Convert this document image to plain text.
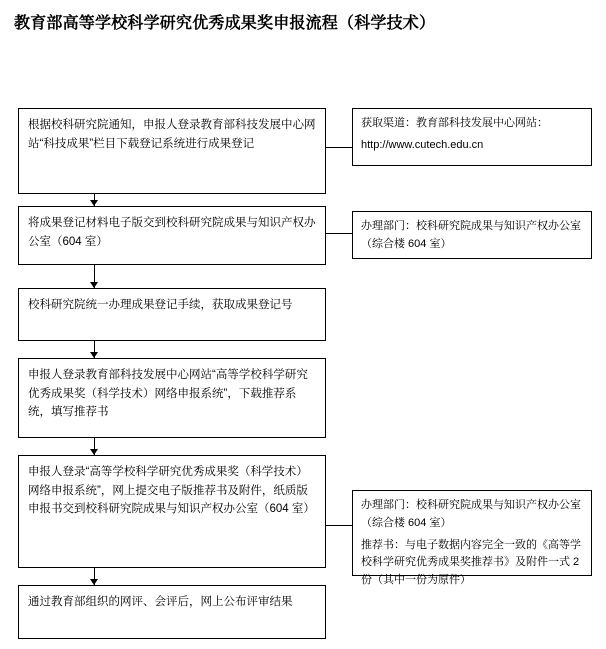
教育部高等学校科学研究优秀成果奖申报流程（科学技术）

根据校科研究院通知，申报人登录教育部科技发展中心网站“科技成果”栏目下载登记系统进行成果登记

将成果登记材料电子版交到校科研究院成果与知识产权办公室（604 室）

校科研究院统一办理成果登记手续，获取成果登记号

申报人登录教育部科技发展中心网站“高等学校科学研究优秀成果奖（科学技术）网络申报系统”，下载推荐系统，填写推荐书

申报人登录“高等学校科学研究优秀成果奖（科学技术）网络申报系统”，网上提交电子版推荐书及附件，纸质版申报书交到校科研究院成果与知识产权办公室（604 室）

通过教育部组织的网评、会评后，网上公布评审结果

获取渠道：教育部科技发展中心网站：

http://www.cutech.edu.cn

办理部门：校科研究院成果与知识产权办公室（综合楼 604 室）

办理部门：校科研究院成果与知识产权办公室（综合楼 604 室）

推荐书：与电子数据内容完全一致的《高等学校科学研究优秀成果奖推荐书》及附件一式 2 份（其中一份为原件）
